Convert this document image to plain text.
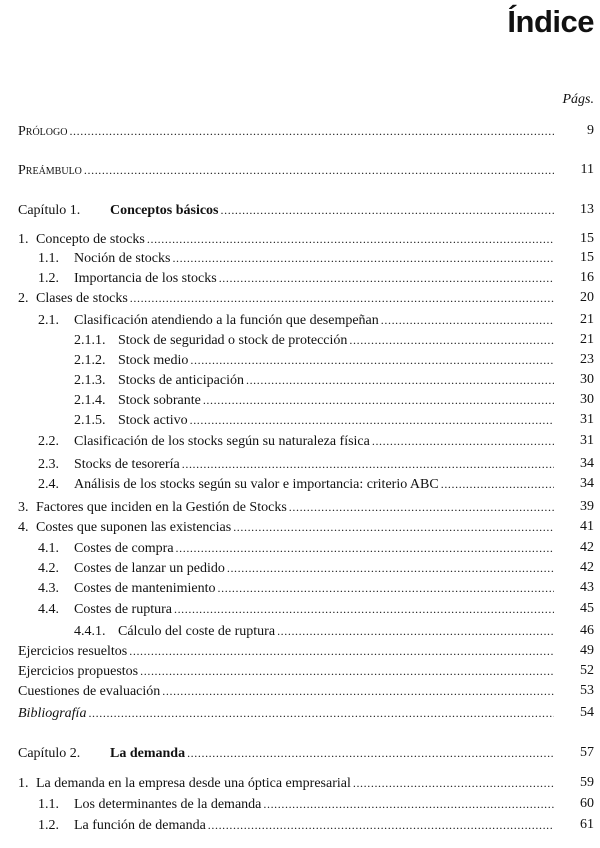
Índice
Págs.
Prólogo .....	9
Preámbulo .....	11
Capítulo 1.	Conceptos básicos .....	13
1. Concepto de stocks .....	15
1.1.	Noción de stocks .....	15
1.2.	Importancia de los stocks .....	16
2. Clases de stocks .....	20
2.1.	Clasificación atendiendo a la función que desempeñan .....	21
2.1.1. Stock de seguridad o stock de protección .....	21
2.1.2. Stock medio .....	23
2.1.3. Stocks de anticipación .....	30
2.1.4. Stock sobrante .....	30
2.1.5. Stock activo .....	31
2.2.	Clasificación de los stocks según su naturaleza física .....	31
2.3.	Stocks de tesorería .....	34
2.4.	Análisis de los stocks según su valor e importancia: criterio ABC .....	34
3. Factores que inciden en la Gestión de Stocks .....	39
4. Costes que suponen las existencias .....	41
4.1.	Costes de compra .....	42
4.2.	Costes de lanzar un pedido .....	42
4.3.	Costes de mantenimiento .....	43
4.4.	Costes de ruptura .....	45
4.4.1. Cálculo del coste de ruptura .....	46
Ejercicios resueltos .....	49
Ejercicios propuestos .....	52
Cuestiones de evaluación .....	53
Bibliografía .....	54
Capítulo 2.	La demanda .....	57
1. La demanda en la empresa desde una óptica empresarial .....	59
1.1.	Los determinantes de la demanda .....	60
1.2.	La función de demanda .....	61
